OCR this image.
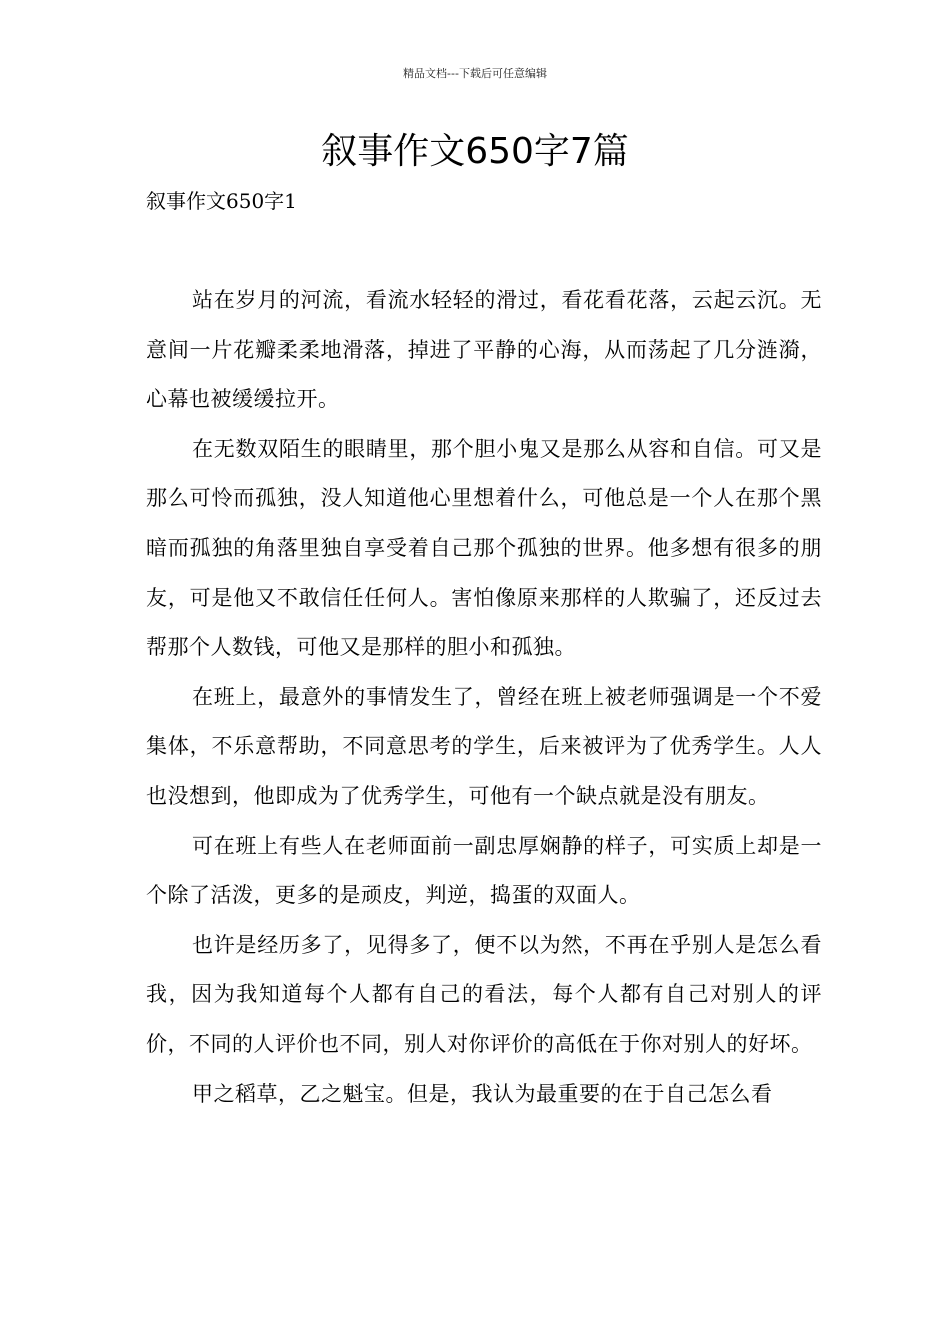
精品文档---下载后可任意编辑
叙事作文650字7篇
叙事作文650字1

站在岁月的河流，看流水轻轻的滑过，看花看花落，云起云沉。无意间一片花瓣柔柔地滑落，掉进了平静的心海，从而荡起了几分涟漪，心幕也被缓缓拉开。

在无数双陌生的眼睛里，那个胆小鬼又是那么从容和自信。可又是那么可怜而孤独，没人知道他心里想着什么，可他总是一个人在那个黑暗而孤独的角落里独自享受着自己那个孤独的世界。他多想有很多的朋友，可是他又不敢信任任何人。害怕像原来那样的人欺骗了，还反过去帮那个人数钱，可他又是那样的胆小和孤独。

在班上，最意外的事情发生了，曾经在班上被老师强调是一个不爱集体，不乐意帮助，不同意思考的学生，后来被评为了优秀学生。人人也没想到，他即成为了优秀学生，可他有一个缺点就是没有朋友。

可在班上有些人在老师面前一副忠厚娴静的样子，可实质上却是一个除了活泼，更多的是顽皮，判逆，捣蛋的双面人。

也许是经历多了，见得多了，便不以为然，不再在乎别人是怎么看我，因为我知道每个人都有自己的看法，每个人都有自己对别人的评价，不同的人评价也不同，别人对你评价的高低在于你对别人的好坏。

甲之稻草，乙之魁宝。但是，我认为最重要的在于自己怎么看
